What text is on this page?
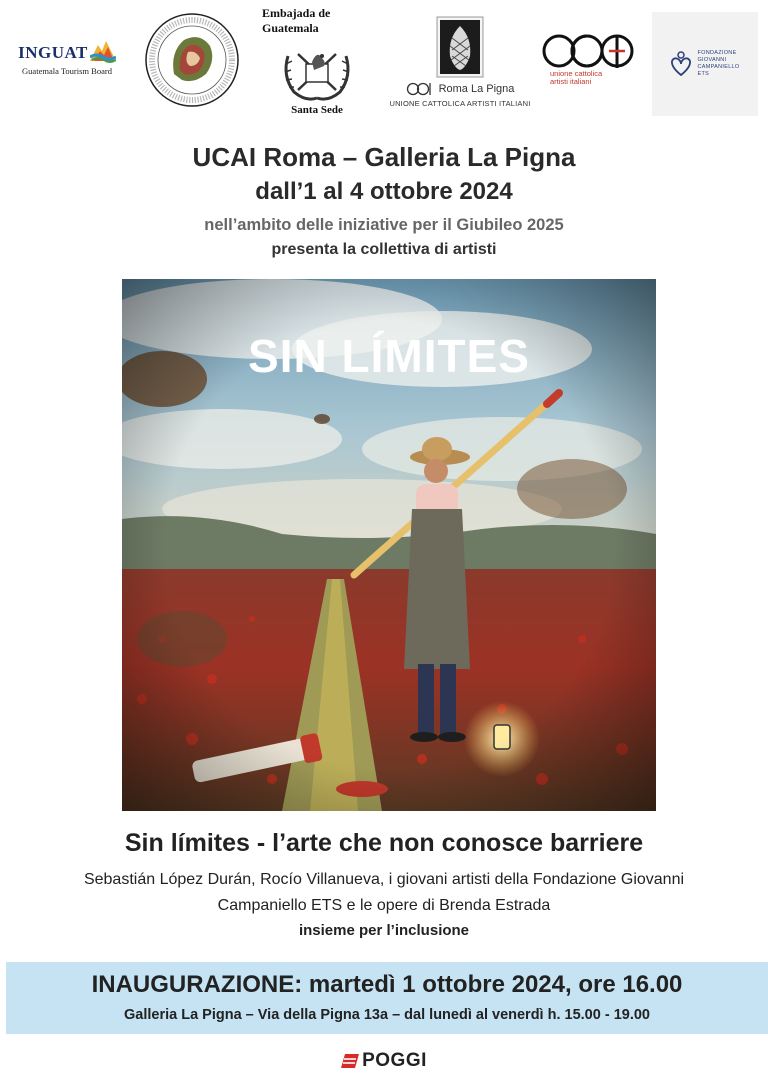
INGUAT
Guatemala Tourism Board
Embajada de Guatemala
Santa Sede
Roma La Pigna
UNIONE CATTOLICA ARTISTI ITALIANI
unione cattolica
artisti italiani
FONDAZIONE
GIOVANNI
CAMPANIELLO
ETS
UCAI Roma – Galleria La Pigna
dall’1 al 4 ottobre 2024
nell’ambito delle iniziative per il Giubileo 2025
presenta la collettiva di artisti
SIN LÍMITES
Sin límites - l’arte che non conosce barriere
Sebastián López Durán, Rocío Villanueva, i giovani artisti della Fondazione Giovanni
Campaniello ETS e le opere di Brenda Estrada
insieme per l’inclusione
INAUGURAZIONE: martedì 1 ottobre 2024, ore 16.00
Galleria La Pigna – Via della Pigna 13a – dal lunedì al venerdì h. 15.00 - 19.00
POGGI
